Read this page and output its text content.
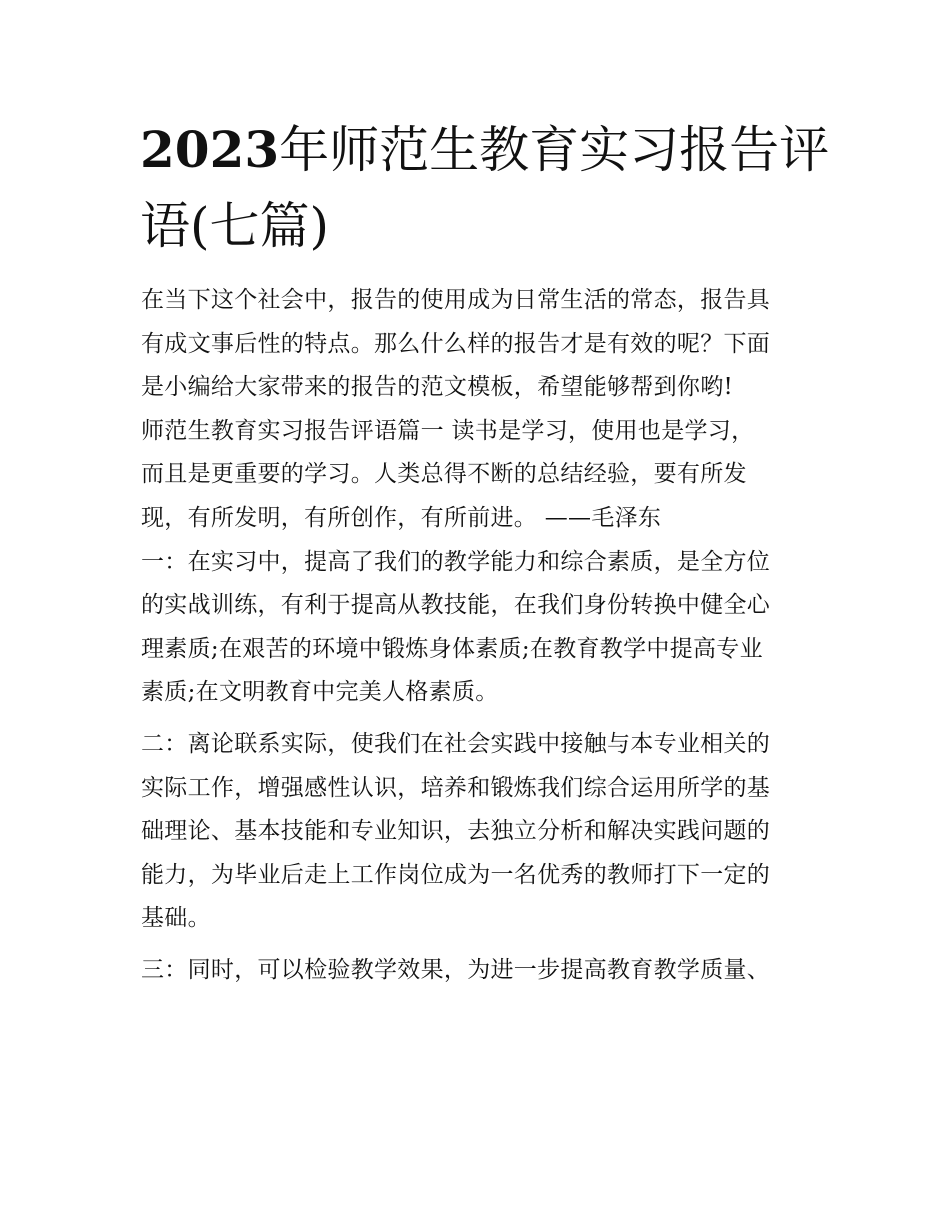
2023年师范生教育实习报告评
语(七篇)
在当下这个社会中，报告的使用成为日常生活的常态，报告具
有成文事后性的特点。那么什么样的报告才是有效的呢？下面
是小编给大家带来的报告的范文模板，希望能够帮到你哟!
师范生教育实习报告评语篇一 读书是学习，使用也是学习，
而且是更重要的学习。人类总得不断的总结经验，要有所发
现，有所发明，有所创作，有所前进。 ——毛泽东
一：在实习中，提高了我们的教学能力和综合素质，是全方位
的实战训练，有利于提高从教技能，在我们身份转换中健全心
理素质;在艰苦的环境中锻炼身体素质;在教育教学中提高专业
素质;在文明教育中完美人格素质。
二：离论联系实际，使我们在社会实践中接触与本专业相关的
实际工作，增强感性认识，培养和锻炼我们综合运用所学的基
础理论、基本技能和专业知识，去独立分析和解决实践问题的
能力，为毕业后走上工作岗位成为一名优秀的教师打下一定的
基础。
三：同时，可以检验教学效果，为进一步提高教育教学质量、
